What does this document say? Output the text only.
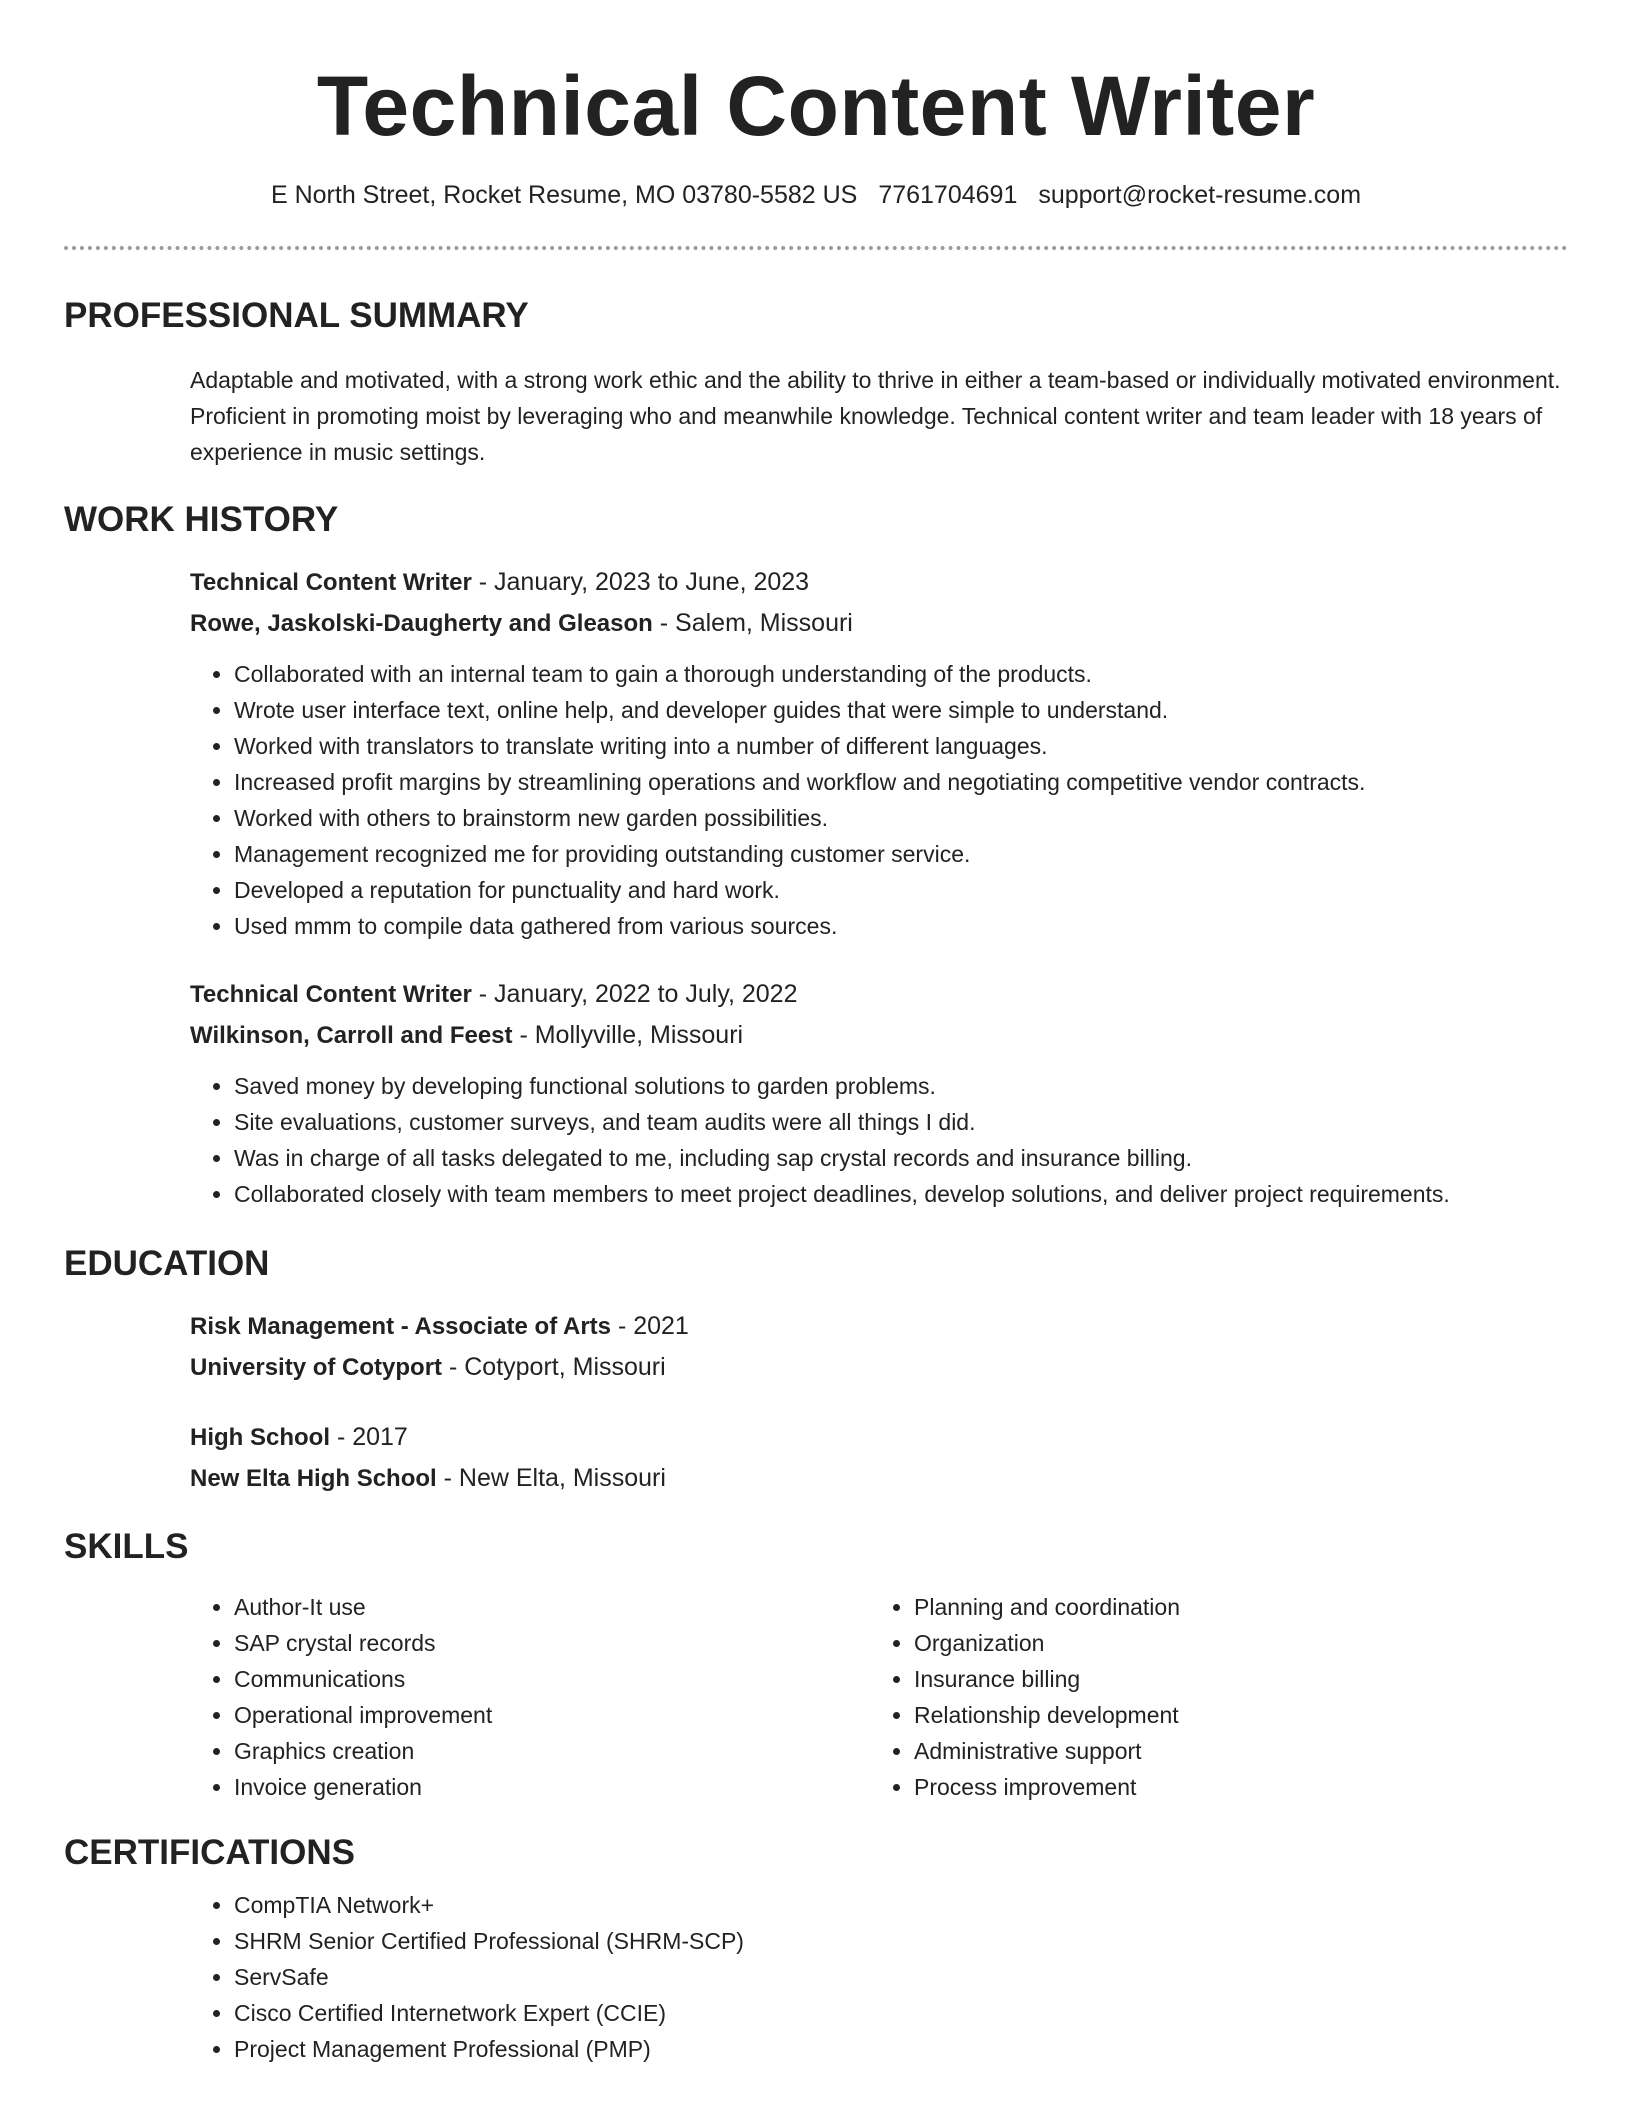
Technical Content Writer
E North Street, Rocket Resume, MO 03780-5582 US 7761704691 support@rocket-resume.com
PROFESSIONAL SUMMARY

Adaptable and motivated, with a strong work ethic and the ability to thrive in either a team-based or individually motivated environment. Proficient in promoting moist by leveraging who and meanwhile knowledge. Technical content writer and team leader with 18 years of experience in music settings.

WORK HISTORY

Technical Content Writer - January, 2023 to June, 2023

Rowe, Jaskolski-Daugherty and Gleason - Salem, Missouri

• Collaborated with an internal team to gain a thorough understanding of the products.
• Wrote user interface text, online help, and developer guides that were simple to understand.
• Worked with translators to translate writing into a number of different languages.
• Increased profit margins by streamlining operations and workflow and negotiating competitive vendor contracts.
• Worked with others to brainstorm new garden possibilities.
• Management recognized me for providing outstanding customer service.
• Developed a reputation for punctuality and hard work.
• Used mmm to compile data gathered from various sources.

Technical Content Writer - January, 2022 to July, 2022

Wilkinson, Carroll and Feest - Mollyville, Missouri

• Saved money by developing functional solutions to garden problems.
• Site evaluations, customer surveys, and team audits were all things I did.
• Was in charge of all tasks delegated to me, including sap crystal records and insurance billing.
• Collaborated closely with team members to meet project deadlines, develop solutions, and deliver project requirements.
EDUCATION

Risk Management - Associate of Arts - 2021

University of Cotyport - Cotyport, Missouri

High School - 2017

New Elta High School - New Elta, Missouri

SKILLS
• Author-It use
• SAP crystal records
• Communications
• Operational improvement
• Graphics creation
• Invoice generation
• Planning and coordination
• Organization
• Insurance billing
• Relationship development
• Administrative support
• Process improvement
CERTIFICATIONS
• CompTIA Network+
• SHRM Senior Certified Professional (SHRM-SCP)
• ServSafe
• Cisco Certified Internetwork Expert (CCIE)
• Project Management Professional (PMP)
